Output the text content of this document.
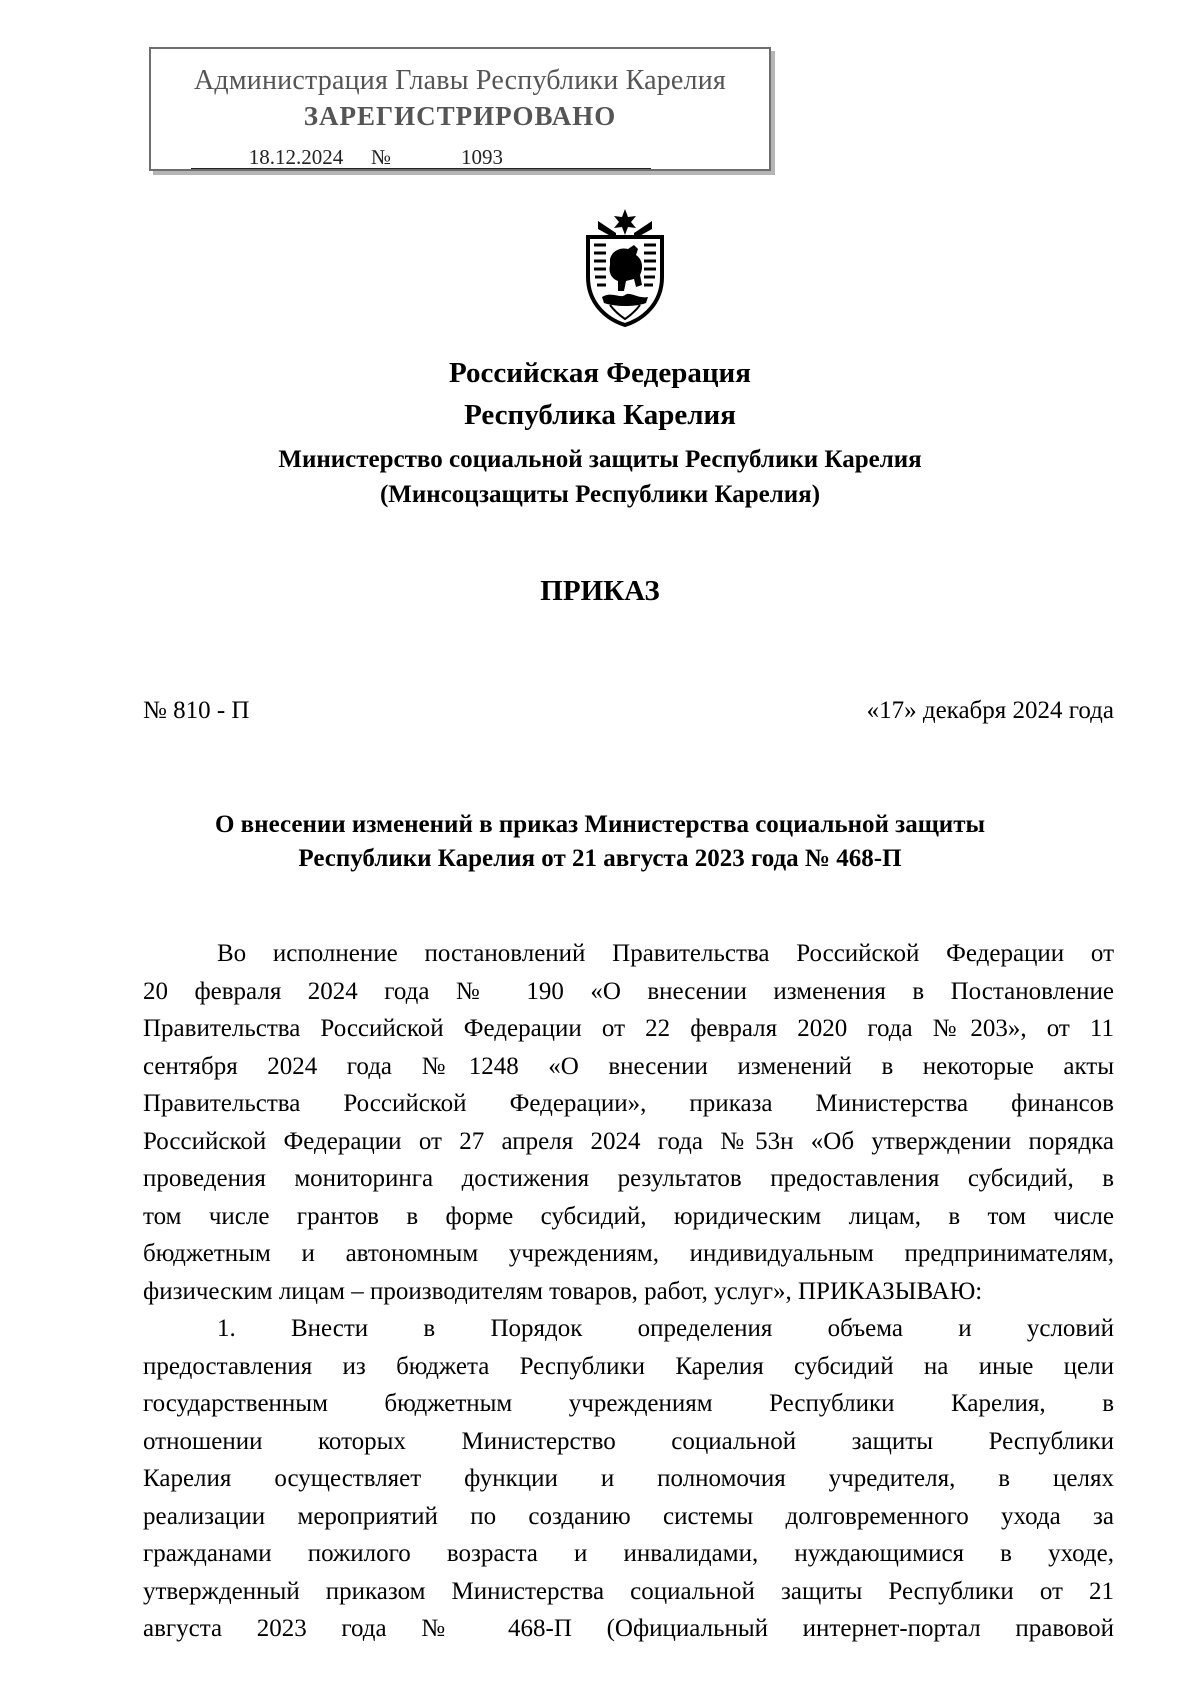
Администрация Главы Республики Карелия
ЗАРЕГИСТРИРОВАНО
18.12.2024 №	1093
Российская Федерация
Республика Карелия
Министерство социальной защиты Республики Карелия
(Минсоцзащиты Республики Карелия)
ПРИКАЗ
№ 810 - П	«17» декабря 2024 года
О внесении изменений в приказ Министерства социальной защиты
Республики Карелия от 21 августа 2023 года № 468-П
Во исполнение постановлений Правительства Российской Федерации от
20 февраля 2024 года № 190 «О внесении изменения в Постановление
Правительства Российской Федерации от 22 февраля 2020 года №203», от 11
сентября 2024 года №1248 «О внесении изменений в некоторые акты
Правительства Российской Федерации», приказа Министерства финансов
Российской Федерации от 27 апреля 2024 года №53н «Об утверждении порядка
проведения мониторинга достижения результатов предоставления субсидий, в
том числе грантов в форме субсидий, юридическим лицам, в том числе
бюджетным и автономным учреждениям, индивидуальным предпринимателям,
физическим лицам – производителям товаров, работ, услуг», ПРИКАЗЫВАЮ:
1.      Внести      в      Порядок      определения      объема      и      условий
предоставления из бюджета Республики Карелия субсидий на иные цели
государственным бюджетным учреждениям Республики Карелия, в
отношении которых Министерство социальной защиты Республики
Карелия осуществляет функции и полномочия учредителя, в целях
реализации мероприятий по созданию системы долговременного ухода за
гражданами пожилого возраста и инвалидами, нуждающимися в уходе,
утвержденный приказом Министерства социальной защиты Республики от 21
августа 2023 года № 468-П (Официальный интернет-портал правовой
